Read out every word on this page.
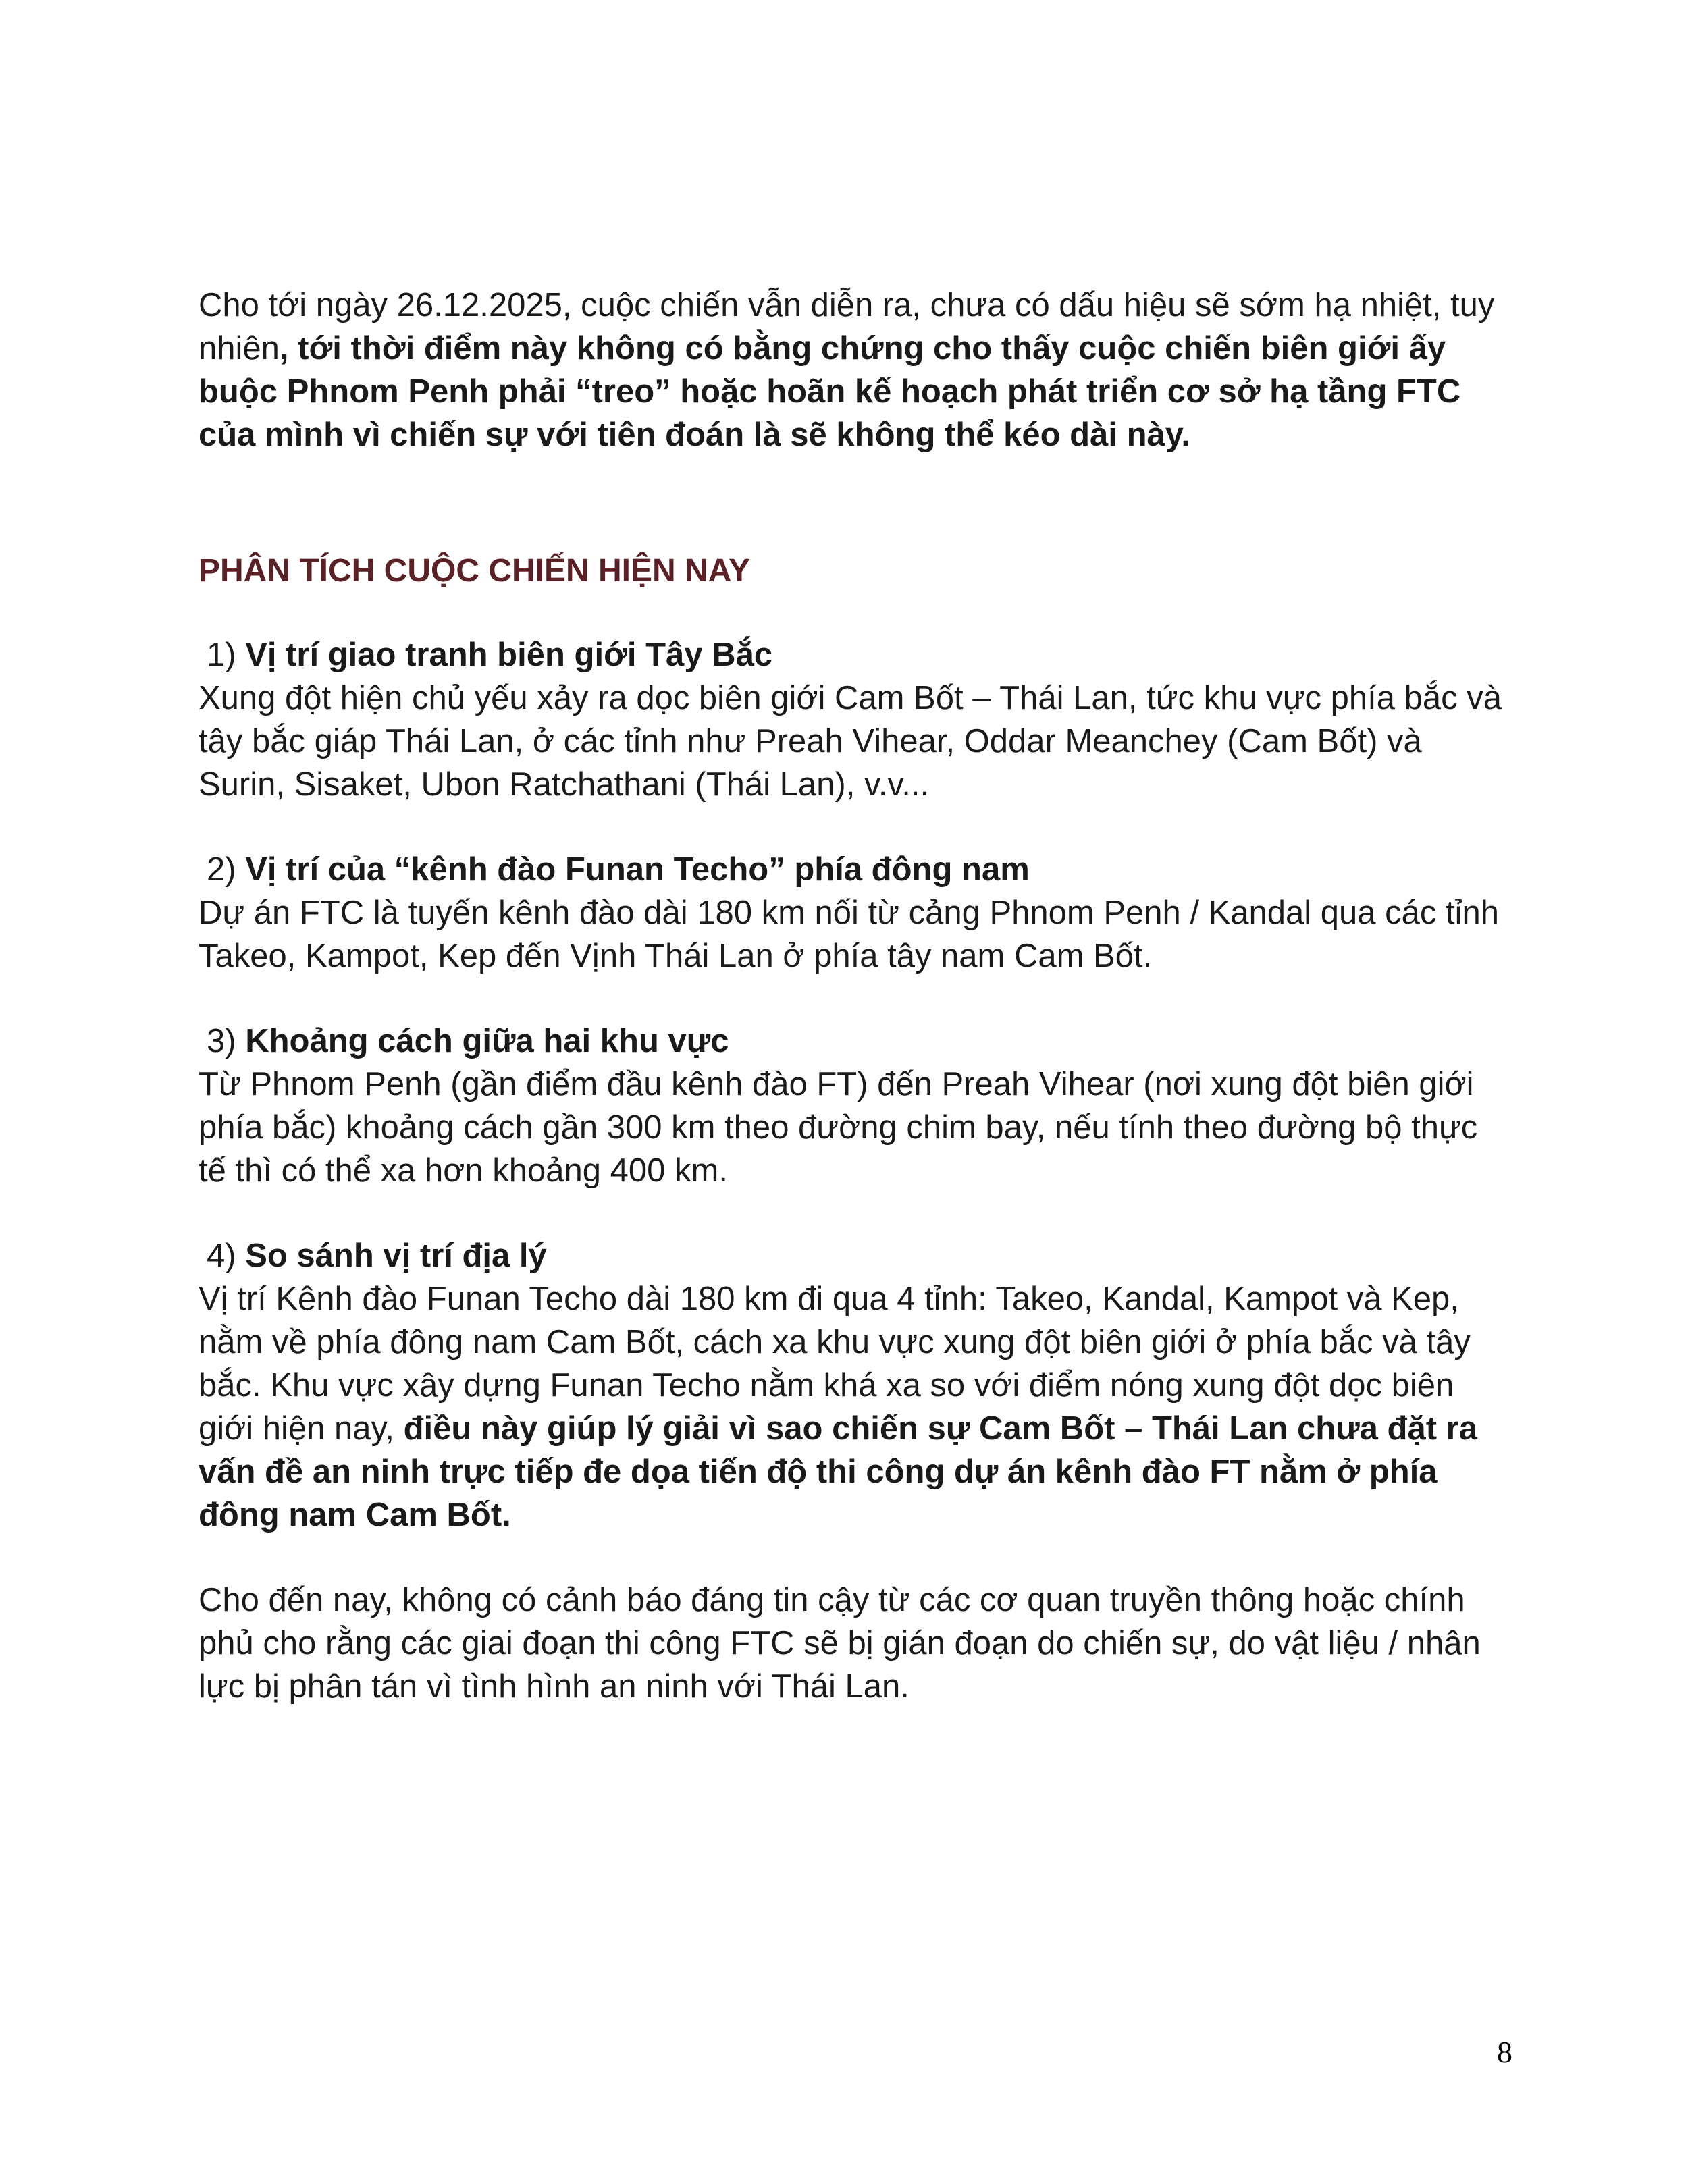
Cho tới ngày 26.12.2025, cuộc chiến vẫn diễn ra, chưa có dấu hiệu sẽ sớm hạ nhiệt, tuy nhiên, tới thời điểm này không có bằng chứng cho thấy cuộc chiến biên giới ấy buộc Phnom Penh phải “treo” hoặc hoãn kế hoạch phát triển cơ sở hạ tầng FTC của mình vì chiến sự với tiên đoán là sẽ không thể kéo dài này.

PHÂN TÍCH CUỘC CHIẾN HIỆN NAY

1) Vị trí giao tranh biên giới Tây Bắc

Xung đột hiện chủ yếu xảy ra dọc biên giới Cam Bốt – Thái Lan, tức khu vực phía bắc và tây bắc giáp Thái Lan, ở các tỉnh như Preah Vihear, Oddar Meanchey (Cam Bốt) và Surin, Sisaket, Ubon Ratchathani (Thái Lan), v.v...

2) Vị trí của “kênh đào Funan Techo” phía đông nam

Dự án FTC là tuyến kênh đào dài 180 km nối từ cảng Phnom Penh / Kandal qua các tỉnh Takeo, Kampot, Kep đến Vịnh Thái Lan ở phía tây nam Cam Bốt.

3) Khoảng cách giữa hai khu vực

Từ Phnom Penh (gần điểm đầu kênh đào FT) đến Preah Vihear (nơi xung đột biên giới phía bắc) khoảng cách gần 300 km theo đường chim bay, nếu tính theo đường bộ thực tế thì có thể xa hơn khoảng 400 km.

4) So sánh vị trí địa lý

Vị trí Kênh đào Funan Techo dài 180 km đi qua 4 tỉnh: Takeo, Kandal, Kampot và Kep, nằm về phía đông nam Cam Bốt, cách xa khu vực xung đột biên giới ở phía bắc và tây bắc. Khu vực xây dựng Funan Techo nằm khá xa so với điểm nóng xung đột dọc biên giới hiện nay, điều này giúp lý giải vì sao chiến sự Cam Bốt – Thái Lan chưa đặt ra vấn đề an ninh trực tiếp đe dọa tiến độ thi công dự án kênh đào FT nằm ở phía đông nam Cam Bốt.

Cho đến nay, không có cảnh báo đáng tin cậy từ các cơ quan truyền thông hoặc chính phủ cho rằng các giai đoạn thi công FTC sẽ bị gián đoạn do chiến sự, do vật liệu / nhân lực bị phân tán vì tình hình an ninh với Thái Lan.

8
